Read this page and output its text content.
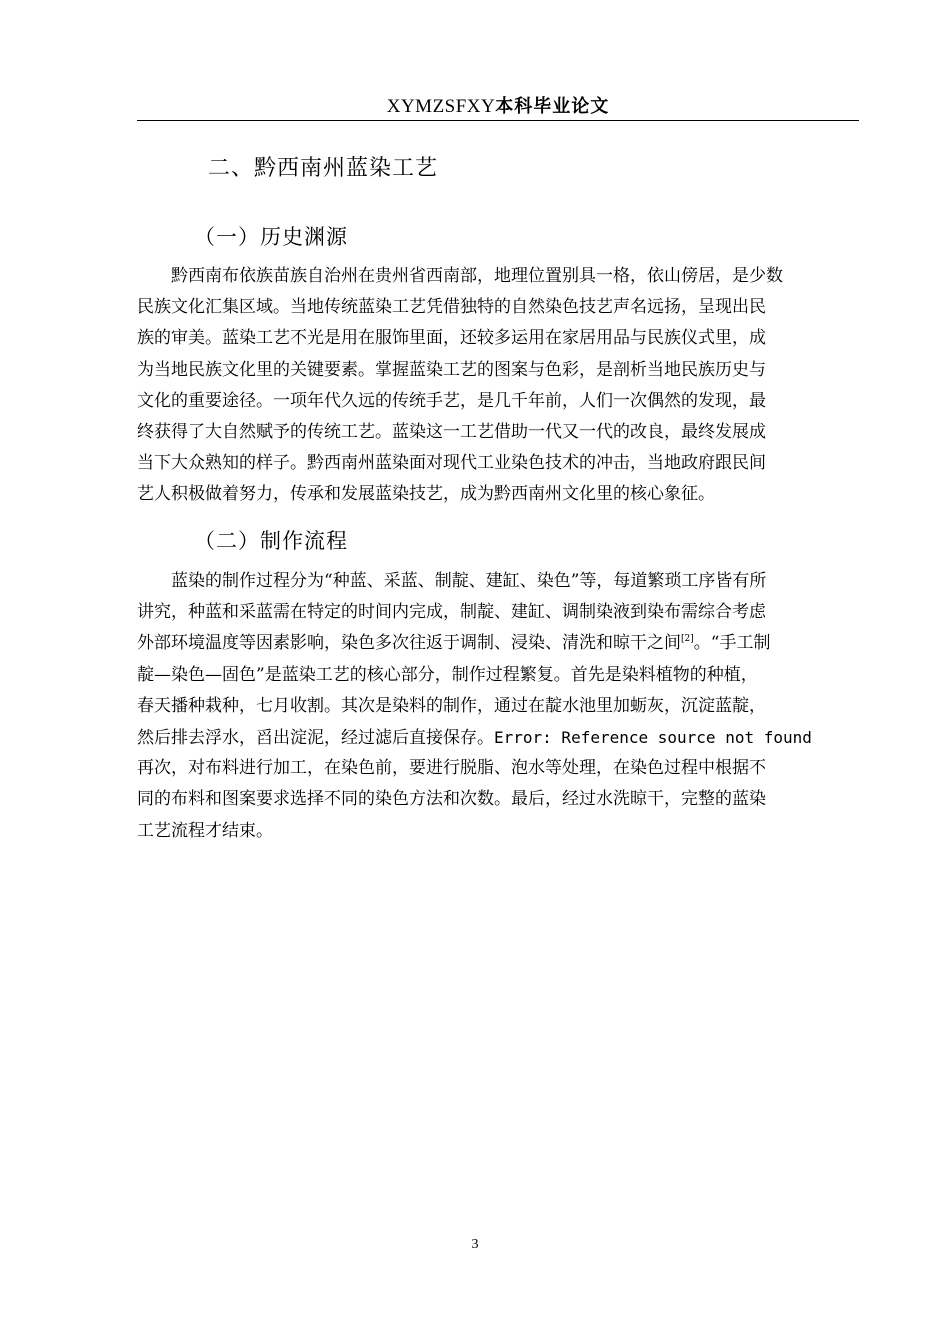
XYMZSFXY本科毕业论文
二、黔西南州蓝染工艺
（一）历史渊源
黔西南布依族苗族自治州在贵州省西南部，地理位置别具一格，依山傍居，是少数
民族文化汇集区域。当地传统蓝染工艺凭借独特的自然染色技艺声名远扬，呈现出民
族的审美。蓝染工艺不光是用在服饰里面，还较多运用在家居用品与民族仪式里，成
为当地民族文化里的关键要素。掌握蓝染工艺的图案与色彩，是剖析当地民族历史与
文化的重要途径。一项年代久远的传统手艺，是几千年前，人们一次偶然的发现，最
终获得了大自然赋予的传统工艺。蓝染这一工艺借助一代又一代的改良，最终发展成
当下大众熟知的样子。黔西南州蓝染面对现代工业染色技术的冲击，当地政府跟民间
艺人积极做着努力，传承和发展蓝染技艺，成为黔西南州文化里的核心象征。
（二）制作流程
蓝染的制作过程分为“种蓝、采蓝、制靛、建缸、染色”等，每道繁琐工序皆有所
讲究，种蓝和采蓝需在特定的时间内完成，制靛、建缸、调制染液到染布需综合考虑
外部环境温度等因素影响，染色多次往返于调制、浸染、清洗和晾干之间[2]。“手工制
靛—染色—固色”是蓝染工艺的核心部分，制作过程繁复。首先是染料植物的种植，
春天播种栽种，七月收割。其次是染料的制作，通过在靛水池里加蛎灰，沉淀蓝靛，
然后排去浮水，舀出淀泥，经过滤后直接保存。Error: Reference source not found
再次，对布料进行加工，在染色前，要进行脱脂、泡水等处理，在染色过程中根据不
同的布料和图案要求选择不同的染色方法和次数。最后，经过水洗晾干，完整的蓝染
工艺流程才结束。
3
